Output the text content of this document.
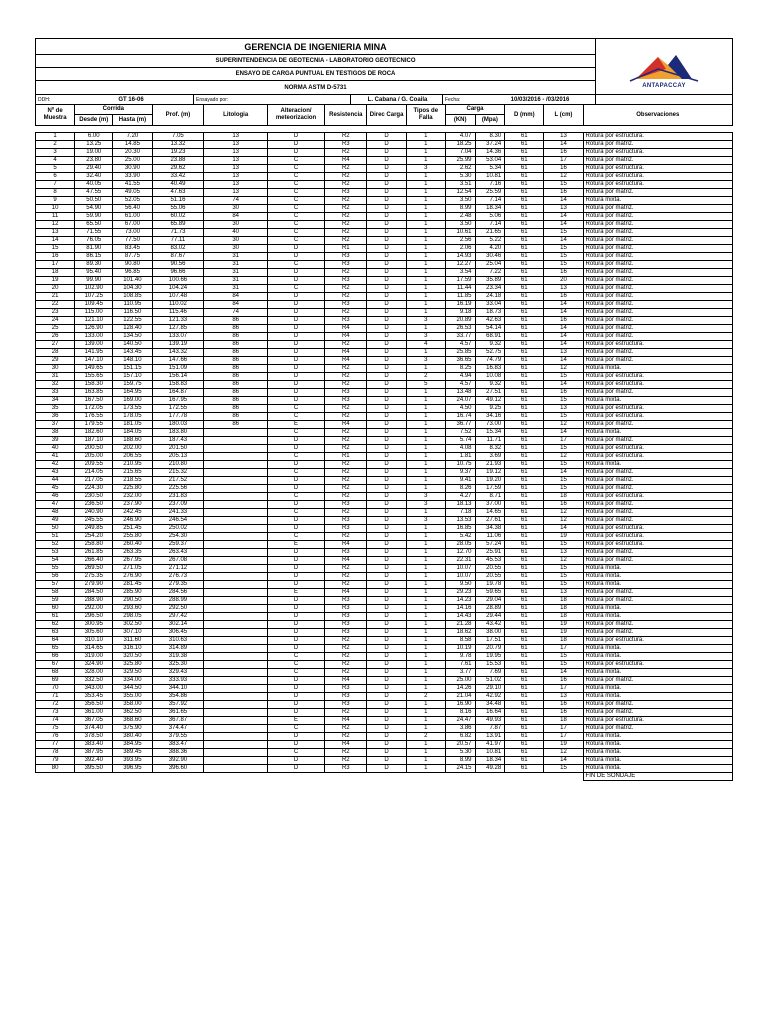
GERENCIA DE INGENIERIA MINA
SUPERINTENDENCIA DE GEOTECNIA - LABORATORIO GEOTECNICO
ENSAYO DE CARGA PUNTUAL EN TESTIGOS DE ROCA
NORMA ASTM D-5731	ANTAPACCAY
DDH:	GT 16-06	Ensayado por:	L. Cabana / G. Coaila	Fecha:	10/03/2016 - /03/2016
Nº de Muestra	Corrida		Prof. (m)	Litologia	Alteracion/ meteorizacion	Resistencia	Direc Carga	Tipos de Falla	Carga		D (mm)	L (cm)	Observaciones
	Desde (m)	Hasta (m)							(KN)	(Mpa)			
1	6.00	7.20	7.05	13	D	R2	D	1	4.07	8.30	61	13	Rotura por estructura.
2	13.25	14.85	13.32	13	D	R3	D	1	18.25	37.24	61	14	Rotura por matriz.
3	19.00	20.30	19.23	13	D	R2	D	1	7.04	14.36	61	16	Rotura por estructura.
4	23.80	25.00	23.88	13	C	R4	D	1	25.99	53.04	61	17	Rotura por matriz.
5	29.40	30.90	29.62	13	C	R2	D	3	2.62	5.34	61	16	Rotura por estructura.
6	32.40	33.90	33.42	13	C	R2	D	1	5.30	10.81	61	12	Rotura por estructura.
7	40.05	41.55	40.49	13	C	R2	D	1	3.51	7.16	61	15	Rotura por estructura.
8	47.55	49.05	47.63	13	C	R3	D	1	12.54	25.59	61	16	Rotura por matriz.
9	50.50	52.05	51.16	74	C	R2	D	1	3.50	7.14	61	14	Rotura mixta.
10	54.90	56.40	55.06	30	C	R2	D	1	8.99	18.34	61	13	Rotura por matriz.
11	59.90	61.00	60.02	84	C	R2	D	1	2.48	5.06	61	14	Rotura por matriz.
12	65.50	67.00	65.89	30	C	R2	D	1	3.50	7.14	61	14	Rotura por matriz.
13	71.55	73.00	71.73	40	C	R2	D	1	10.61	21.65	61	15	Rotura por matriz.
14	76.05	77.50	77.11	30	C	R2	D	1	2.56	5.22	61	14	Rotura por matriz.
15	81.90	83.45	83.02	30	D	R1	D	1	2.06	4.20	61	15	Rotura por matriz.
16	86.15	87.75	87.67	31	D	R3	D	1	14.93	30.46	61	15	Rotura por matriz.
17	89.30	90.80	90.56	31	C	R3	D	1	12.27	25.04	61	15	Rotura por matriz.
18	95.40	96.85	96.66	31	D	R2	D	1	3.54	7.22	61	16	Rotura por matriz.
19	99.90	101.40	100.66	31	D	R3	D	1	17.59	35.89	61	20	Rotura por matriz.
20	102.90	104.30	104.24	31	C	R2	D	1	11.44	23.34	61	13	Rotura por matriz.
21	107.25	108.85	107.48	84	D	R2	D	1	11.85	24.18	61	16	Rotura por matriz.
22	109.45	110.95	110.02	84	D	R3	D	1	16.19	33.04	61	14	Rotura por matriz.
23	115.00	116.50	115.46	74	D	R2	D	1	9.18	18.73	61	14	Rotura por matriz.
24	121.10	122.55	121.33	86	D	R3	D	3	20.89	42.63	61	16	Rotura por matriz.
25	126.90	128.40	127.85	86	D	R4	D	1	26.53	54.14	61	14	Rotura por matriz.
26	133.00	134.50	133.07	86	D	R4	D	3	33.77	68.91	61	14	Rotura por matriz.
27	139.00	140.50	139.19	86	D	R2	D	4	4.57	9.32	61	14	Rotura por estructura.
28	141.95	143.45	143.32	86	D	R4	D	1	25.85	52.75	61	13	Rotura por matriz.
29	147.10	148.10	147.66	86	D	R4	D	3	36.65	74.79	61	14	Rotura por matriz.
30	149.65	151.15	151.09	86	D	R2	D	1	8.25	16.83	61	12	Rotura mixta.
31	155.65	157.10	156.14	86	D	R2	D	2	4.94	10.08	61	15	Rotura por estructura.
32	158.30	159.75	158.83	86	D	R2	D	5	4.57	9.32	61	14	Rotura por estructura.
33	163.85	164.95	164.87	86	D	R3	D	1	13.48	27.51	61	16	Rotura por matriz.
34	167.50	169.00	167.95	86	D	R3	D	1	24.07	49.12	61	15	Rotura mixta.
35	172.05	173.55	172.55	86	C	R2	D	1	4.50	9.25	61	13	Rotura por estructura.
36	176.55	178.05	177.78	86	C	R2	D	1	16.74	34.16	61	15	Rotura por estructura.
37	179.55	181.05	180.03	86	E	R4	D	1	36.77	73.00	61	12	Rotura por matriz.
38	182.60	184.05	183.80		C	R2	D	1	7.52	15.34	61	14	Rotura mixta.
39	187.10	188.60	187.43		D	R2	D	1	5.74	11.71	61	17	Rotura por matriz.
40	200.50	202.00	201.50		D	R2	D	1	4.08	8.32	61	15	Rotura por estructura.
41	205.00	206.55	205.13		C	R1	D	1	1.81	3.69	61	12	Rotura por estructura.
42	209.55	210.95	210.80		D	R2	D	1	10.75	21.93	61	15	Rotura mixta.
43	214.05	215.65	215.32		C	R2	D	1	9.37	19.12	61	14	Rotura por matriz.
44	217.05	218.55	217.52		D	R2	D	1	9.41	19.20	61	15	Rotura por matriz.
45	224.30	225.80	225.56		D	R2	D	1	8.26	17.59	61	15	Rotura por matriz.
46	230.50	232.00	231.83		C	R2	D	3	4.27	8.71	61	18	Rotura por estructura.
47	236.50	237.90	237.09		D	R3	D	3	18.13	37.00	61	16	Rotura por matriz.
48	240.90	242.45	241.33		C	R2	D	1	7.18	14.65	61	12	Rotura por matriz.
49	245.55	246.90	246.54		D	R3	D	3	13.53	27.61	61	12	Rotura por matriz.
50	249.85	251.45	250.02		D	R3	D	1	16.85	34.38	61	14	Rotura por estructura.
51	254.20	255.80	254.30		C	R2	D	1	5.42	11.06	61	19	Rotura por estructura.
52	258.80	260.40	259.37		E	R4	D	1	28.05	57.24	61	15	Rotura por estructura.
53	261.85	263.35	263.43		D	R3	D	1	12.70	25.91	61	13	Rotura por matriz.
54	266.40	267.95	267.08		D	R4	D	1	22.31	45.53	61	12	Rotura por matriz.
55	269.50	271.05	271.12		D	R2	D	1	10.07	20.55	61	15	Rotura mixta.
56	275.35	276.90	276.73		D	R2	D	1	10.07	20.55	61	15	Rotura mixta.
57	279.90	281.45	279.35		D	R2	D	1	9.50	19.78	61	15	Rotura mixta.
58	284.50	285.90	284.56		E	R4	D	1	29.23	59.65	61	13	Rotura por matriz.
59	288.90	290.50	288.99		D	R3	D	1	14.23	29.04	61	18	Rotura por matriz.
60	292.00	293.60	292.50		D	R3	D	1	14.16	28.89	61	18	Rotura mixta.
61	296.50	298.05	297.42		D	R3	D	1	14.43	29.44	61	18	Rotura mixta.
62	300.95	302.50	302.14		D	R3	D	1	21.28	43.42	61	19	Rotura por matriz.
63	305.60	307.10	306.45		D	R3	D	1	18.62	38.00	61	19	Rotura por matriz.
64	310.10	311.60	310.63		D	R2	D	1	8.58	17.51	61	18	Rotura por estructura.
65	314.65	316.10	314.89		D	R2	D	1	10.19	20.79	61	17	Rotura mixta.
66	319.00	320.50	319.38		C	R2	D	1	9.78	19.95	61	15	Rotura mixta.
67	324.90	325.80	325.30		C	R2	D	1	7.61	15.53	61	15	Rotura por estructura.
68	328.00	329.50	329.43		C	R2	D	1	3.77	7.69	61	14	Rotura mixta.
69	332.50	334.00	333.93		D	R4	D	1	25.00	51.02	61	16	Rotura por matriz.
70	343.00	344.50	344.10		D	R3	D	1	14.26	29.10	61	17	Rotura mixta.
71	353.45	355.00	354.86		D	R3	D	2	21.04	42.92	61	13	Rotura mixta.
72	356.50	358.00	357.92		D	R3	D	1	16.90	34.48	61	16	Rotura por matriz.
73	361.00	362.50	361.65		D	R2	D	1	8.16	16.64	61	16	Rotura por matriz.
74	367.05	368.60	367.87		E	R4	D	1	24.47	49.93	61	18	Rotura por estructura.
75	374.40	375.90	374.47		C	R2	D	1	3.86	7.87	61	17	Rotura por matriz.
76	378.50	380.40	379.55		D	R2	D	2	6.82	13.91	61	17	Rotura mixta.
77	383.40	384.95	383.47		D	R4	D	1	20.57	41.97	61	19	Rotura mixta.
78	387.95	389.45	388.36		C	R2	D	1	5.30	10.81	61	12	Rotura mixta.
79	392.40	393.95	392.90		D	R2	D	1	8.99	18.34	61	14	Rotura mixta.
80	395.50	396.95	396.60		D	R3	D	1	24.15	49.28	61	15	Rotura mixta.
													FIN DE SONDAJE
